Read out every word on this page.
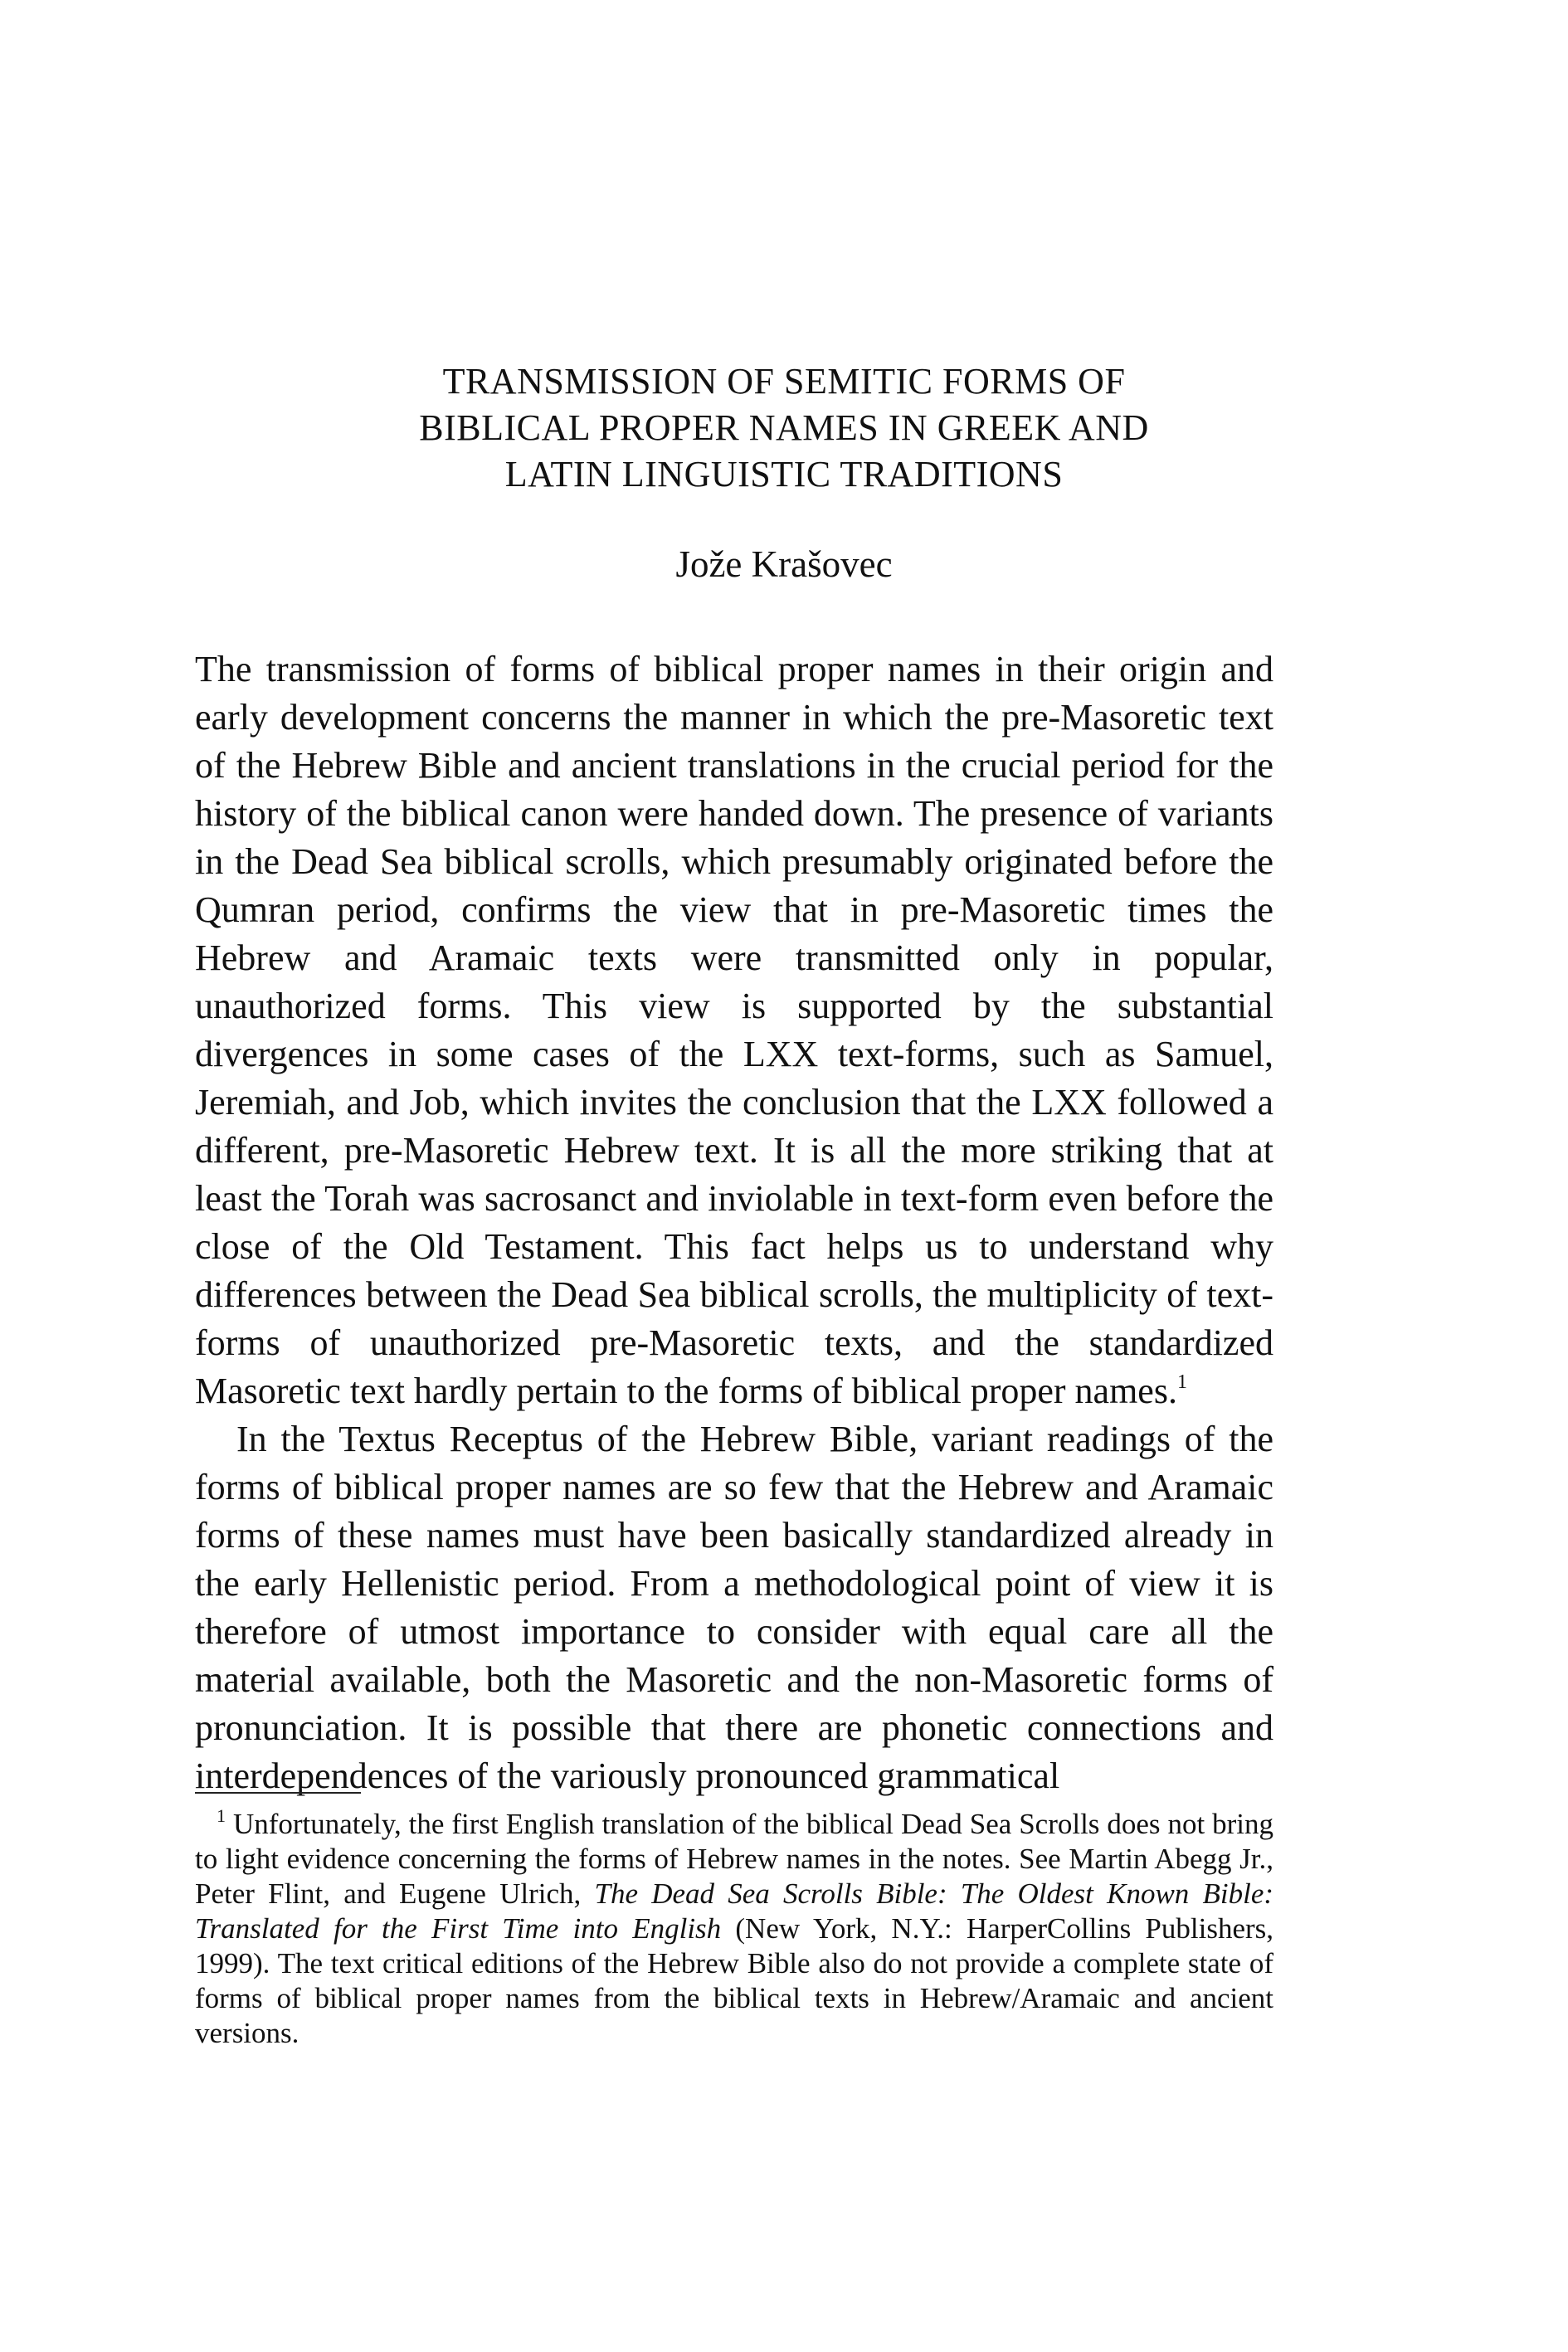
TRANSMISSION OF SEMITIC FORMS OF
BIBLICAL PROPER NAMES IN GREEK AND
LATIN LINGUISTIC TRADITIONS
Jože Krašovec

The transmission of forms of biblical proper names in their origin and early development concerns the manner in which the pre-Masoretic text of the Hebrew Bible and ancient translations in the crucial period for the history of the biblical canon were handed down. The presence of variants in the Dead Sea biblical scrolls, which presumably originated before the Qumran period, confirms the view that in pre-Masoretic times the Hebrew and Aramaic texts were transmitted only in popular, unauthorized forms. This view is supported by the substantial divergences in some cases of the LXX text-forms, such as Samuel, Jeremiah, and Job, which invites the conclusion that the LXX followed a different, pre-Masoretic Hebrew text. It is all the more striking that at least the Torah was sacrosanct and inviolable in text-form even before the close of the Old Testament. This fact helps us to understand why differences between the Dead Sea biblical scrolls, the multiplicity of text-forms of unauthorized pre-Masoretic texts, and the standardized Masoretic text hardly pertain to the forms of biblical proper names.$^1$

In the Textus Receptus of the Hebrew Bible, variant readings of the forms of biblical proper names are so few that the Hebrew and Aramaic forms of these names must have been basically standardized already in the early Hellenistic period. From a methodological point of view it is therefore of utmost importance to consider with equal care all the material available, both the Masoretic and the non-Masoretic forms of pronunciation. It is possible that there are phonetic connections and interdependences of the variously pronounced grammatical

$^1$ Unfortunately, the first English translation of the biblical Dead Sea Scrolls does not bring to light evidence concerning the forms of Hebrew names in the notes. See Martin Abegg Jr., Peter Flint, and Eugene Ulrich, The Dead Sea Scrolls Bible: The Oldest Known Bible: Translated for the First Time into English (New York, N.Y.: HarperCollins Publishers, 1999). The text critical editions of the Hebrew Bible also do not provide a complete state of forms of biblical proper names from the biblical texts in Hebrew/Aramaic and ancient versions.
